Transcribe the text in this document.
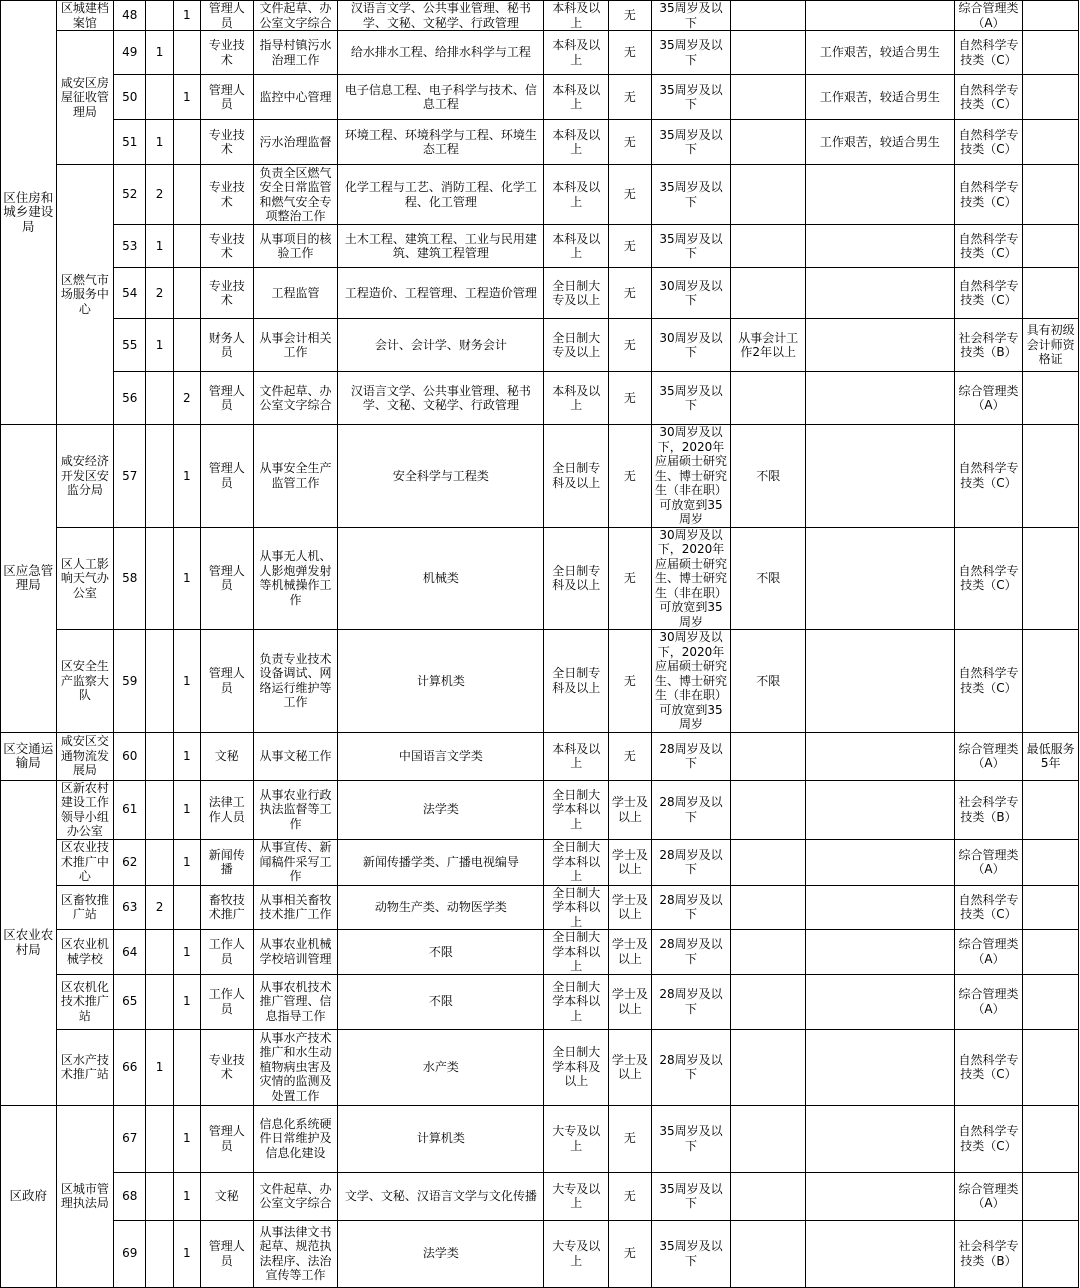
区住房和城乡建设局	区城建档案馆	48		1	管理人员	文件起草、办公室文字综合	汉语言文学、公共事业管理、秘书学、文秘、文秘学、行政管理	本科及以上	无	35周岁及以下			综合管理类（A）	
	咸安区房屋征收管理局	49	1		专业技术	指导村镇污水治理工作	给水排水工程、给排水科学与工程	本科及以上	无	35周岁及以下		工作艰苦，较适合男生	自然科学专技类（C）	
		50		1	管理人员	监控中心管理	电子信息工程、电子科学与技术、信息工程	本科及以上	无	35周岁及以下		工作艰苦，较适合男生	自然科学专技类（C）	
		51	1		专业技术	污水治理监督	环境工程、环境科学与工程、环境生态工程	本科及以上	无	35周岁及以下		工作艰苦，较适合男生	自然科学专技类（C）	
	区燃气市场服务中心	52	2		专业技术	负责全区燃气安全日常监管和燃气安全专项整治工作	化学工程与工艺、消防工程、化学工程、化工管理	本科及以上	无	35周岁及以下			自然科学专技类（C）	
		53	1		专业技术	从事项目的核验工作	土木工程、建筑工程、工业与民用建筑、建筑工程管理	本科及以上	无	35周岁及以下			自然科学专技类（C）	
		54	2		专业技术	工程监管	工程造价、工程管理、工程造价管理	全日制大专及以上	无	30周岁及以下			自然科学专技类（C）	
		55	1		财务人员	从事会计相关工作	会计、会计学、财务会计	全日制大专及以上	无	30周岁及以下	从事会计工作2年以上		社会科学专技类（B）	具有初级会计师资格证
		56		2	管理人员	文件起草、办公室文字综合	汉语言文学、公共事业管理、秘书学、文秘、文秘学、行政管理	本科及以上	无	35周岁及以下			综合管理类（A）	
区应急管理局	咸安经济开发区安监分局	57		1	管理人员	从事安全生产监管工作	安全科学与工程类	全日制专科及以上	无	30周岁及以下，2020年应届硕士研究生、博士研究生（非在职）可放宽到35周岁	不限		自然科学专技类（C）	
	区人工影响天气办公室	58		1	管理人员	从事无人机、人影炮弹发射等机械操作工作	机械类	全日制专科及以上	无	30周岁及以下，2020年应届硕士研究生、博士研究生（非在职）可放宽到35周岁	不限		自然科学专技类（C）	
	区安全生产监察大队	59		1	管理人员	负责专业技术设备调试、网络运行维护等工作	计算机类	全日制专科及以上	无	30周岁及以下，2020年应届硕士研究生、博士研究生（非在职）可放宽到35周岁	不限		自然科学专技类（C）	
区交通运输局	咸安区交通物流发展局	60		1	文秘	从事文秘工作	中国语言文学类	本科及以上	无	28周岁及以下			综合管理类（A）	最低服务5年
区农业农村局	区新农村建设工作领导小组办公室	61		1	法律工作人员	从事农业行政执法监督等工作	法学类	全日制大学本科以上	学士及以上	28周岁及以下			社会科学专技类（B）	
	区农业技术推广中心	62		1	新闻传播	从事宣传、新闻稿件采写工作	新闻传播学类、广播电视编导	全日制大学本科以上	学士及以上	28周岁及以下			综合管理类（A）	
	区畜牧推广站	63	2		畜牧技术推广	从事相关畜牧技术推广工作	动物生产类、动物医学类	全日制大学本科以上	学士及以上	28周岁及以下			自然科学专技类（C）	
	区农业机械学校	64		1	工作人员	从事农业机械学校培训管理	不限	全日制大学本科以上	学士及以上	28周岁及以下			综合管理类（A）	
	区农机化技术推广站	65		1	工作人员	从事农机技术推广管理、信息指导工作	不限	全日制大学本科以上	学士及以上	28周岁及以下			综合管理类（A）	
	区水产技术推广站	66	1		专业技术	从事水产技术推广和水生动植物病虫害及灾情的监测及处置工作	水产类	全日制大学本科及以上	学士及以上	28周岁及以下			自然科学专技类（C）	
区政府	区城市管理执法局	67		1	管理人员	信息化系统硬件日常维护及信息化建设	计算机类	大专及以上	无	35周岁及以下			自然科学专技类（C）	
		68		1	文秘	文件起草、办公室文字综合	文学、文秘、汉语言文学与文化传播	大专及以上	无	35周岁及以下			综合管理类（A）	
		69		1	管理人员	从事法律文书起草、规范执法程序、法治宣传等工作	法学类	大专及以上	无	35周岁及以下			社会科学专技类（B）	
